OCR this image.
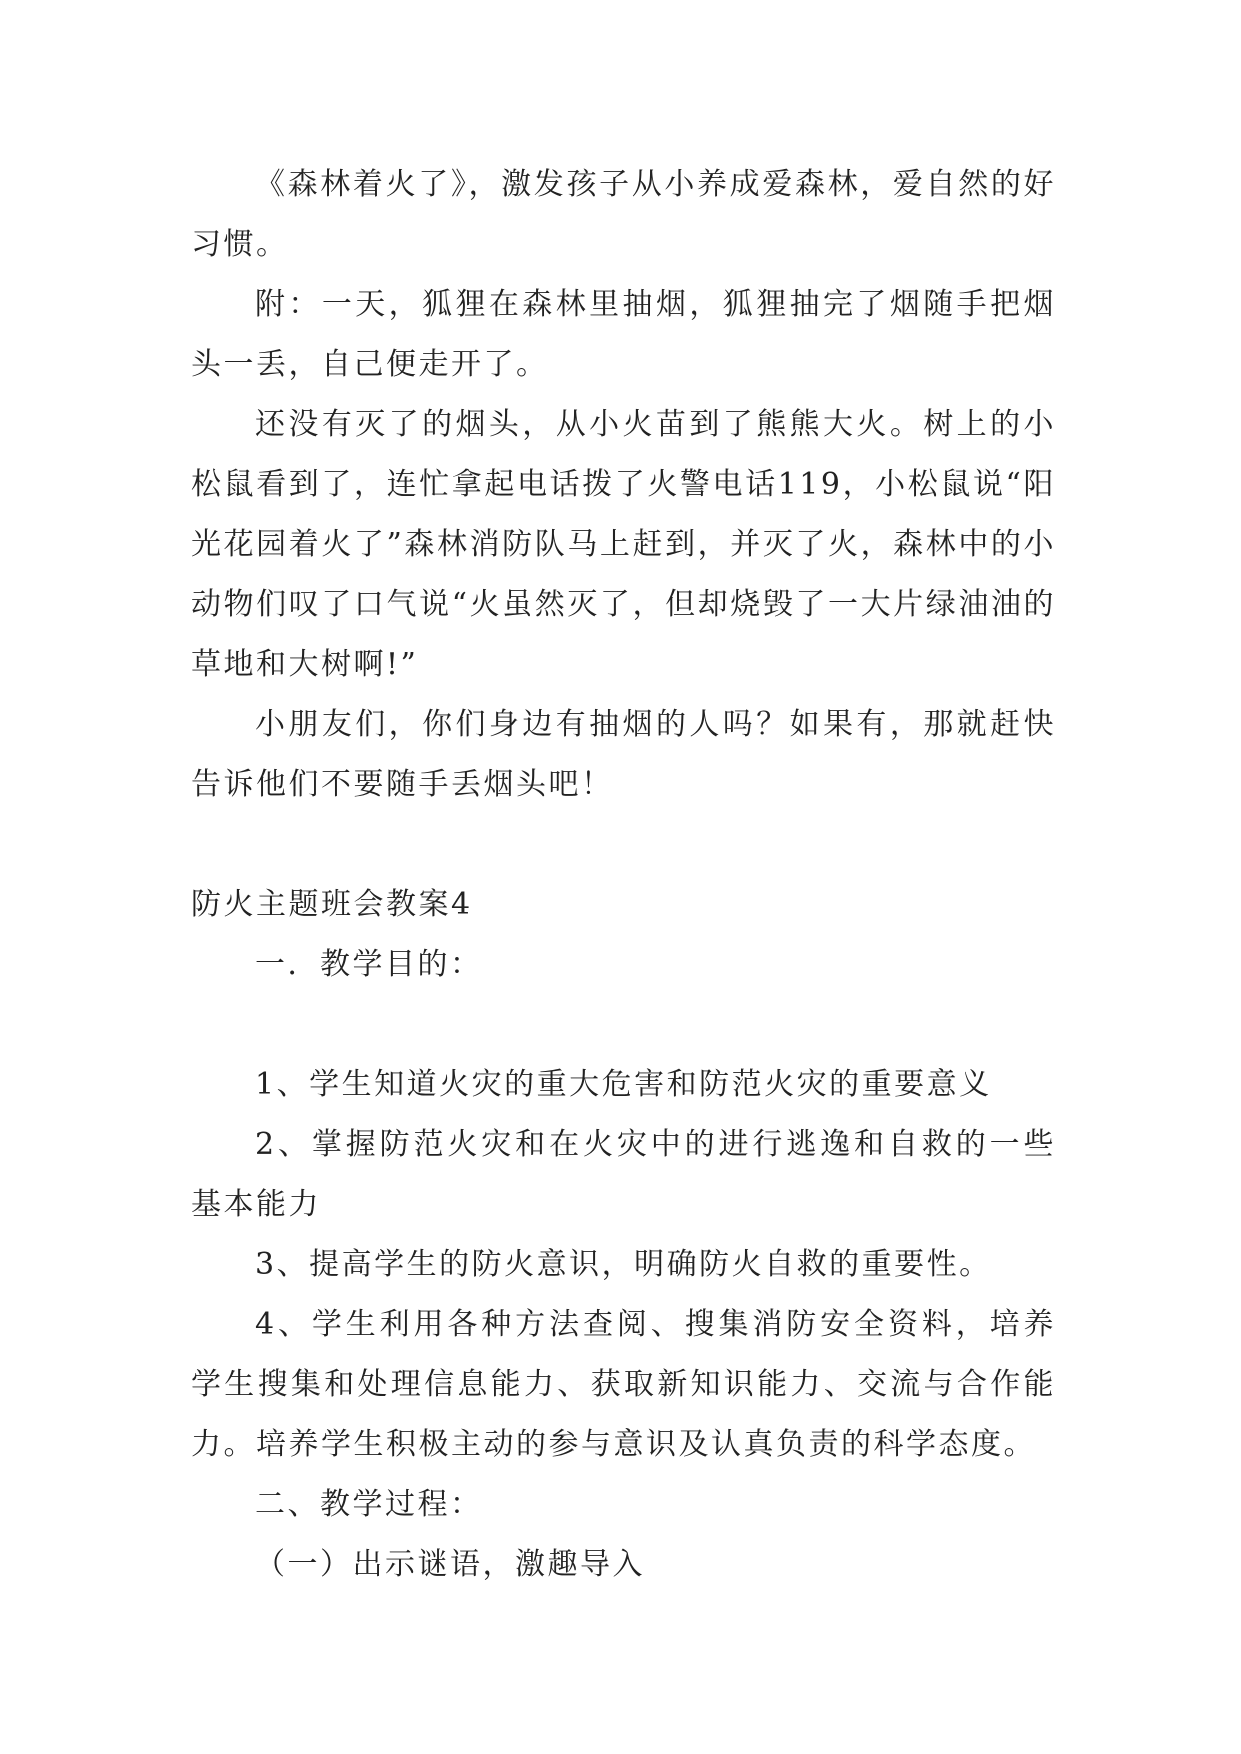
《森林着火了》，激发孩子从小养成爱森林，爱自然的好习惯。

附：一天，狐狸在森林里抽烟，狐狸抽完了烟随手把烟头一丢，自己便走开了。

还没有灭了的烟头，从小火苗到了熊熊大火。树上的小松鼠看到了，连忙拿起电话拨了火警电话119，小松鼠说“阳光花园着火了”森林消防队马上赶到，并灭了火，森林中的小动物们叹了口气说“火虽然灭了，但却烧毁了一大片绿油油的草地和大树啊!”

小朋友们，你们身边有抽烟的人吗？如果有，那就赶快告诉他们不要随手丢烟头吧！

防火主题班会教案4

一．教学目的：

1、学生知道火灾的重大危害和防范火灾的重要意义

2、掌握防范火灾和在火灾中的进行逃逸和自救的一些基本能力

3、提高学生的防火意识，明确防火自救的重要性。

4、学生利用各种方法查阅、搜集消防安全资料，培养学生搜集和处理信息能力、获取新知识能力、交流与合作能力。培养学生积极主动的参与意识及认真负责的科学态度。

二、教学过程：

（一）出示谜语，激趣导入
